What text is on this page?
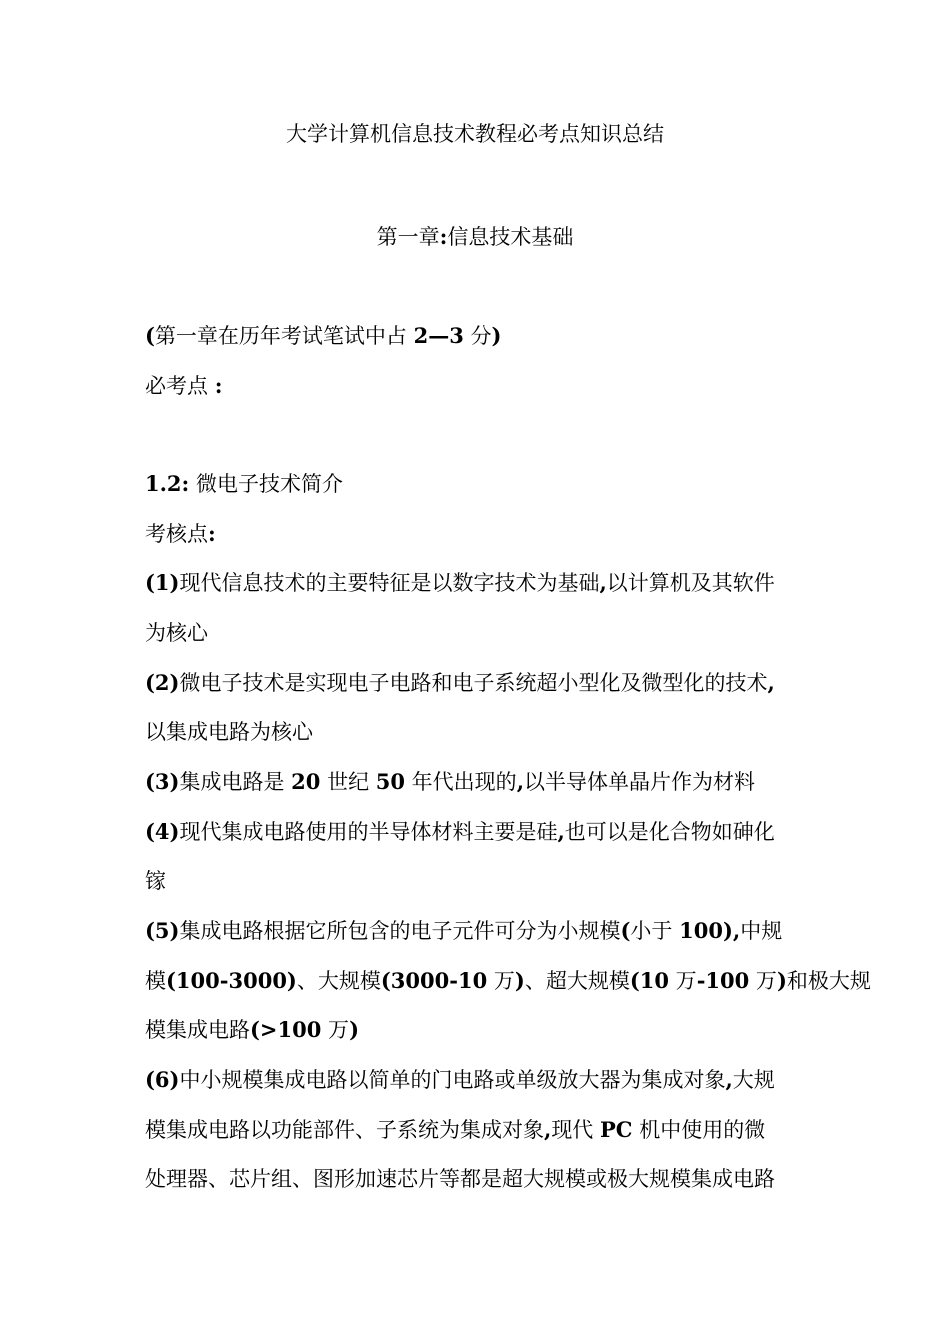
大学计算机信息技术教程必考点知识总结
第一章:信息技术基础
(第一章在历年考试笔试中占 2—3 分)
必考点 :
1.2: 微电子技术简介
考核点:
(1)现代信息技术的主要特征是以数字技术为基础,以计算机及其软件
为核心
(2)微电子技术是实现电子电路和电子系统超小型化及微型化的技术,
以集成电路为核心
(3)集成电路是 20 世纪 50 年代出现的,以半导体单晶片作为材料
(4)现代集成电路使用的半导体材料主要是硅,也可以是化合物如砷化
镓
(5)集成电路根据它所包含的电子元件可分为小规模(小于 100),中规
模(100-3000)、大规模(3000-10 万)、超大规模(10 万-100 万)和极大规
模集成电路(>100 万)
(6)中小规模集成电路以简单的门电路或单级放大器为集成对象,大规
模集成电路以功能部件、子系统为集成对象,现代 PC 机中使用的微
处理器、芯片组、图形加速芯片等都是超大规模或极大规模集成电路
